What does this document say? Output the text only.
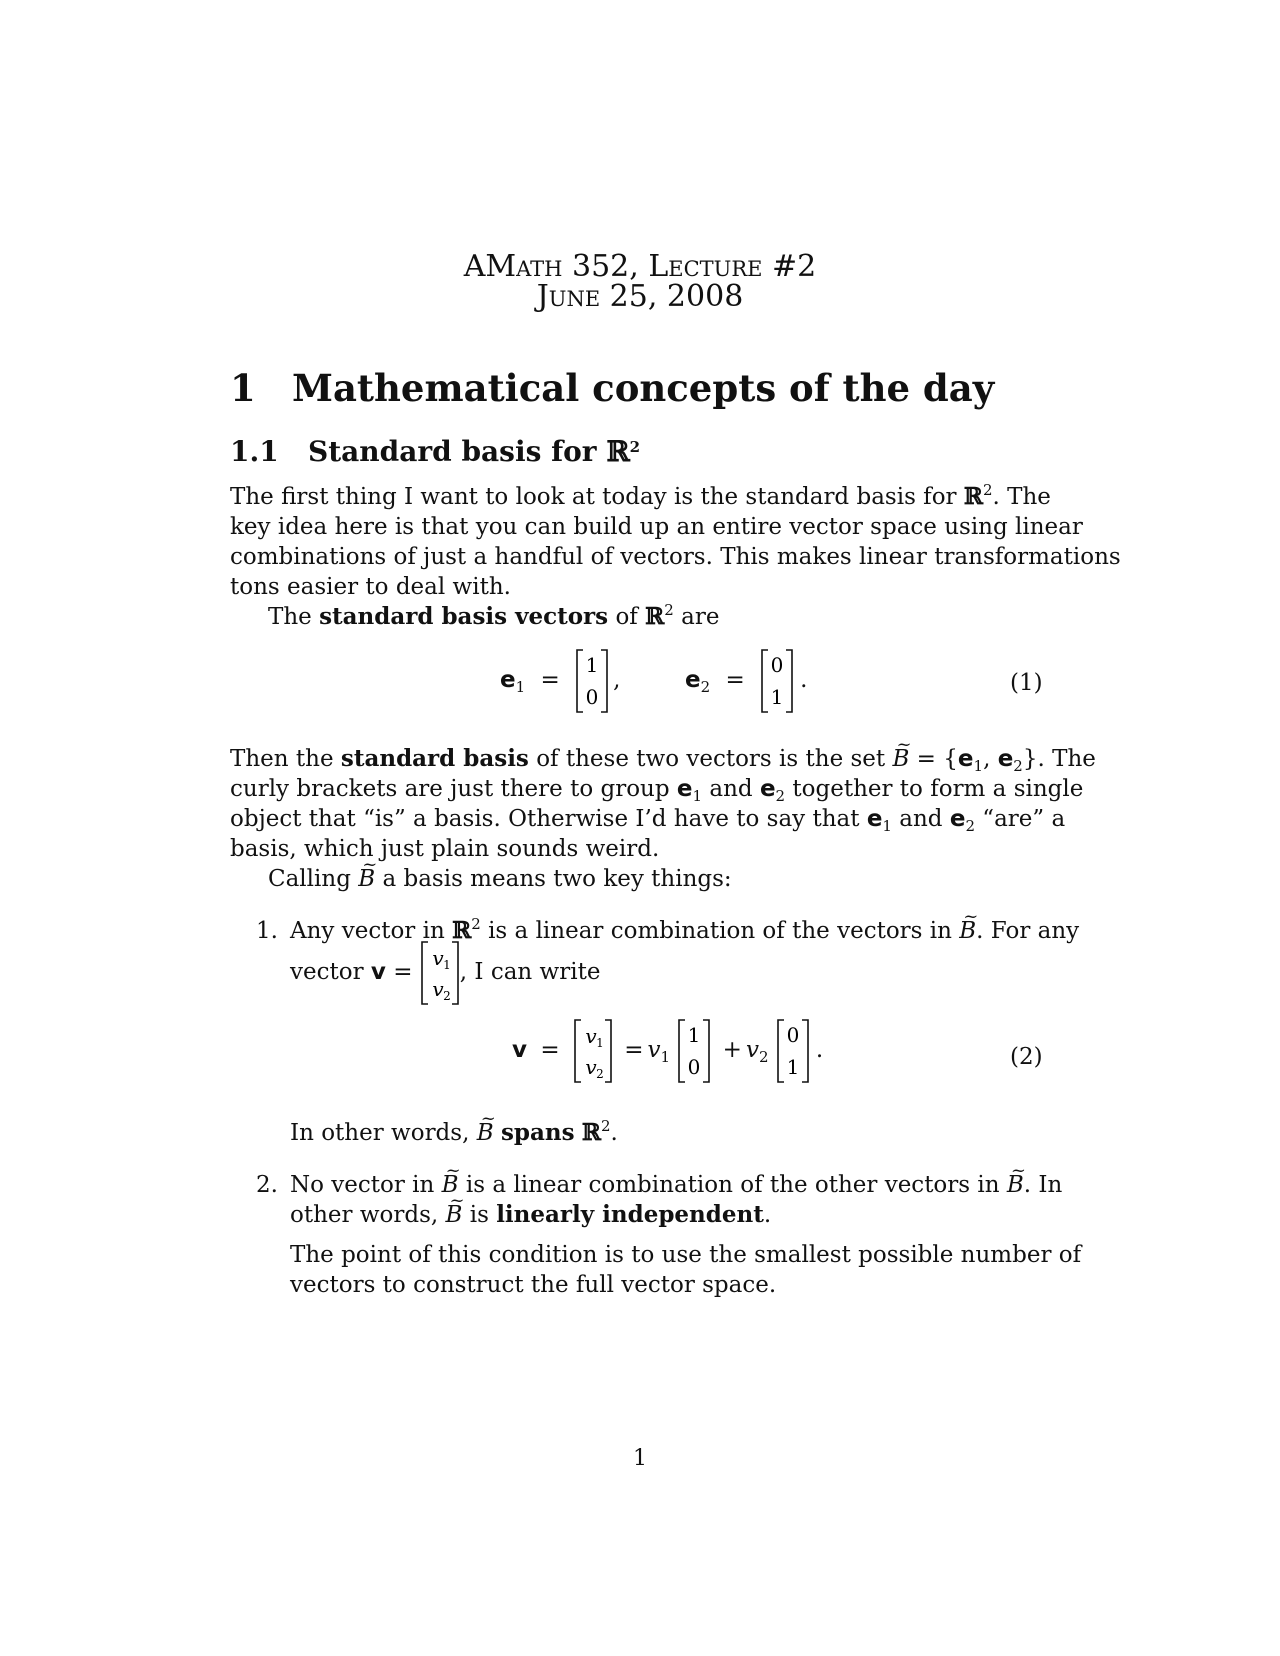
AMath 352, Lecture #2
June 25, 2008
1 Mathematical concepts of the day
1.1 Standard basis for ℝ$^2$
The first thing I want to look at today is the standard basis for ℝ$^2$. The
key idea here is that you can build up an entire vector space using linear
combinations of just a handful of vectors. This makes linear transformations
tons easier to deal with.
The standard basis vectors of ℝ$^2$ are
$e_1$ =
1
0
,	$e_2$ =
0
1
.	(1)
Then the standard basis of these two vectors is the set ~ $B = \{e_1$, $e_2$}. The
curly brackets are just there to group $e_1$ and $e_2$ together to form a single
object that “is” a basis. Otherwise I’d have to say that $e_1$ and $e_2$ “are” a
basis, which just plain sounds weird.
Calling ~ B a basis means two key things:
1. Any vector in ℝ$^2$ is a linear combination of the vectors in ~ B. For any
vector v =
v 1
v 2
, I can write
v =
v 1
v 2
= $v_1$
1
0
+ $v_2$
0
1
.	(2)
In other words, ~ B spans ℝ$^2$.
2. No vector in ~ B is a linear combination of the other vectors in ~ B. In
other words, ~ B is linearly independent.
The point of this condition is to use the smallest possible number of
vectors to construct the full vector space.
1
